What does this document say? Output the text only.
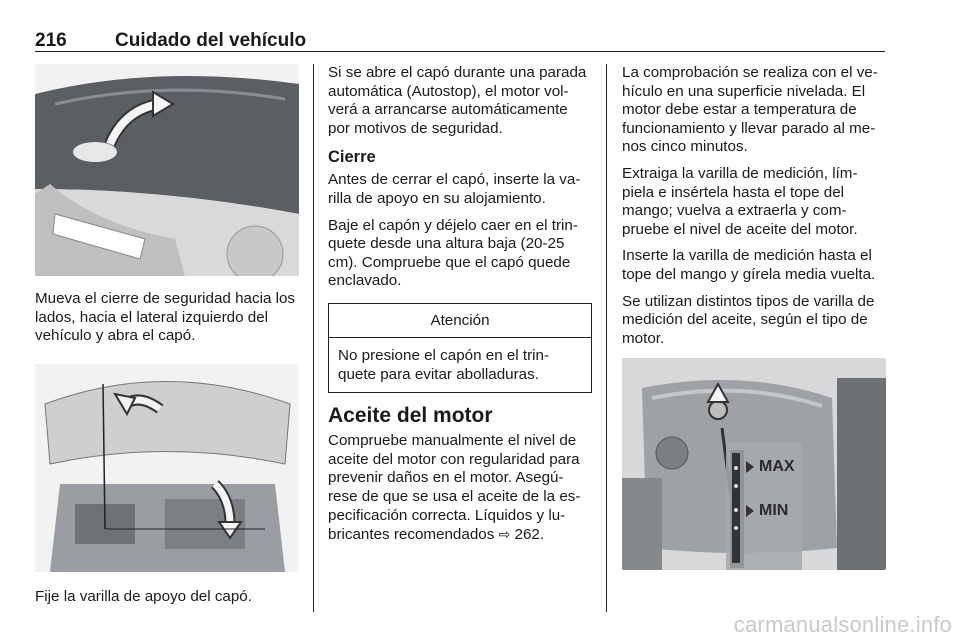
216	Cuidado del vehículo

Mueva el cierre de seguridad hacia los lados, hacia el lateral izquierdo del vehículo y abra el capó.

Fije la varilla de apoyo del capó.

Si se abre el capó durante una parada automática (Autostop), el motor vol‐verá a arrancarse automáticamente por motivos de seguridad.

Cierre

Antes de cerrar el capó, inserte la va‐rilla de apoyo en su alojamiento.

Baje el capón y déjelo caer en el trin‐quete desde una altura baja (20-25 cm). Compruebe que el capó quede enclavado.

Atención
No presione el capón en el trin‐quete para evitar abolladuras.
Aceite del motor

Compruebe manualmente el nivel de aceite del motor con regularidad para prevenir daños en el motor. Asegú‐rese de que se usa el aceite de la es‐pecificación correcta. Líquidos y lu‐bricantes recomendados ⇨ 262.

La comprobación se realiza con el ve‐hículo en una superficie nivelada. El motor debe estar a temperatura de funcionamiento y llevar parado al me‐nos cinco minutos.

Extraiga la varilla de medición, lím‐piela e insértela hasta el tope del mango; vuelva a extraerla y com‐pruebe el nivel de aceite del motor.

Inserte la varilla de medición hasta el tope del mango y gírela media vuelta.

Se utilizan distintos tipos de varilla de medición del aceite, según el tipo de motor.

MAX
MIN
carmanualsonline.info
